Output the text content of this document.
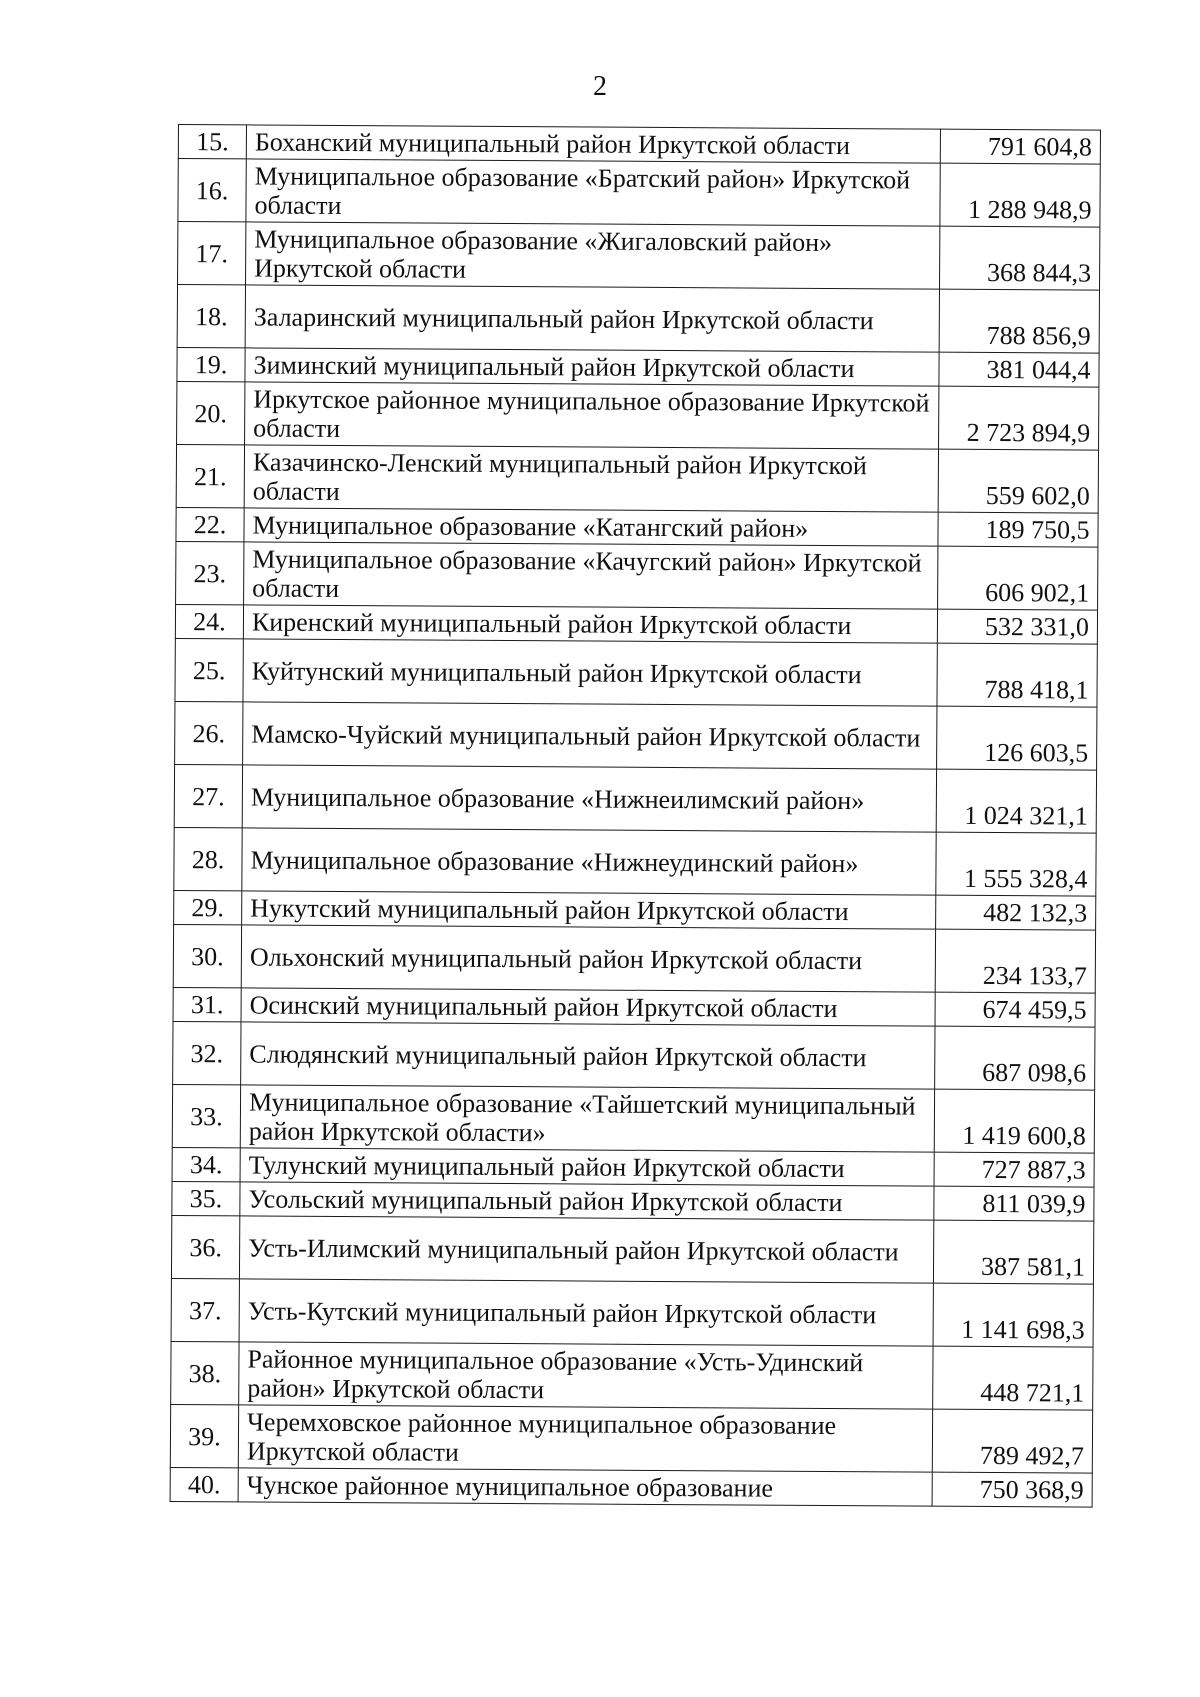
2
15.	Боханский муниципальный район Иркутской области	791 604,8
16.	Муниципальное образование «Братский район» Иркутской области	1 288 948,9
17.	Муниципальное образование «Жигаловский район» Иркутской области	368 844,3
18.	Заларинский муниципальный район Иркутской области	788 856,9
19.	Зиминский муниципальный район Иркутской области	381 044,4
20.	Иркутское районное муниципальное образование Иркутской области	2 723 894,9
21.	Казачинско-Ленский муниципальный район Иркутской области	559 602,0
22.	Муниципальное образование «Катангский район»	189 750,5
23.	Муниципальное образование «Качугский район» Иркутской области	606 902,1
24.	Киренский муниципальный район Иркутской области	532 331,0
25.	Куйтунский муниципальный район Иркутской области	788 418,1
26.	Мамско-Чуйский муниципальный район Иркутской области	126 603,5
27.	Муниципальное образование «Нижнеилимский район»	1 024 321,1
28.	Муниципальное образование «Нижнеудинский район»	1 555 328,4
29.	Нукутский муниципальный район Иркутской области	482 132,3
30.	Ольхонский муниципальный район Иркутской области	234 133,7
31.	Осинский муниципальный район Иркутской области	674 459,5
32.	Слюдянский муниципальный район Иркутской области	687 098,6
33.	Муниципальное образование «Тайшетский муниципальный район Иркутской области»	1 419 600,8
34.	Тулунский муниципальный район Иркутской области	727 887,3
35.	Усольский муниципальный район Иркутской области	811 039,9
36.	Усть-Илимский муниципальный район Иркутской области	387 581,1
37.	Усть-Кутский муниципальный район Иркутской области	1 141 698,3
38.	Районное муниципальное образование «Усть-Удинский район» Иркутской области	448 721,1
39.	Черемховское районное муниципальное образование Иркутской области	789 492,7
40.	Чунское районное муниципальное образование	750 368,9
